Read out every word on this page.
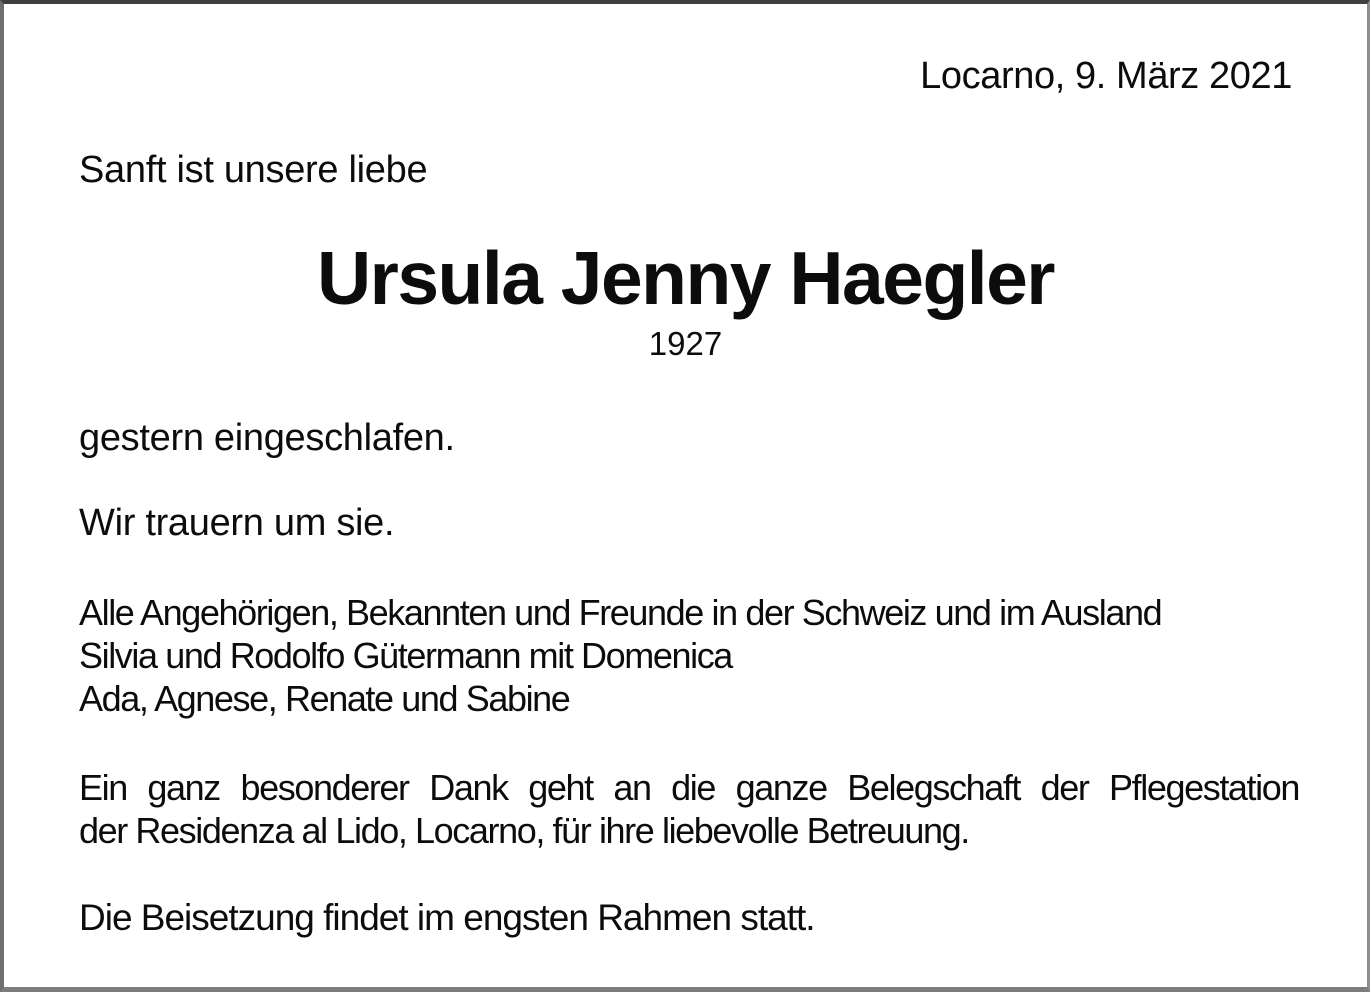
Locarno, 9. März 2021
Sanft ist unsere liebe
Ursula Jenny Haegler
1927
gestern eingeschlafen.
Wir trauern um sie.
Alle Angehörigen, Bekannten und Freunde in der Schweiz und im Ausland
Silvia und Rodolfo Gütermann mit Domenica
Ada, Agnese, Renate und Sabine
Ein ganz besonderer Dank geht an die ganze Belegschaft der Pflegestation
der Residenza al Lido, Locarno, für ihre liebevolle Betreuung.
Die Beisetzung findet im engsten Rahmen statt.
